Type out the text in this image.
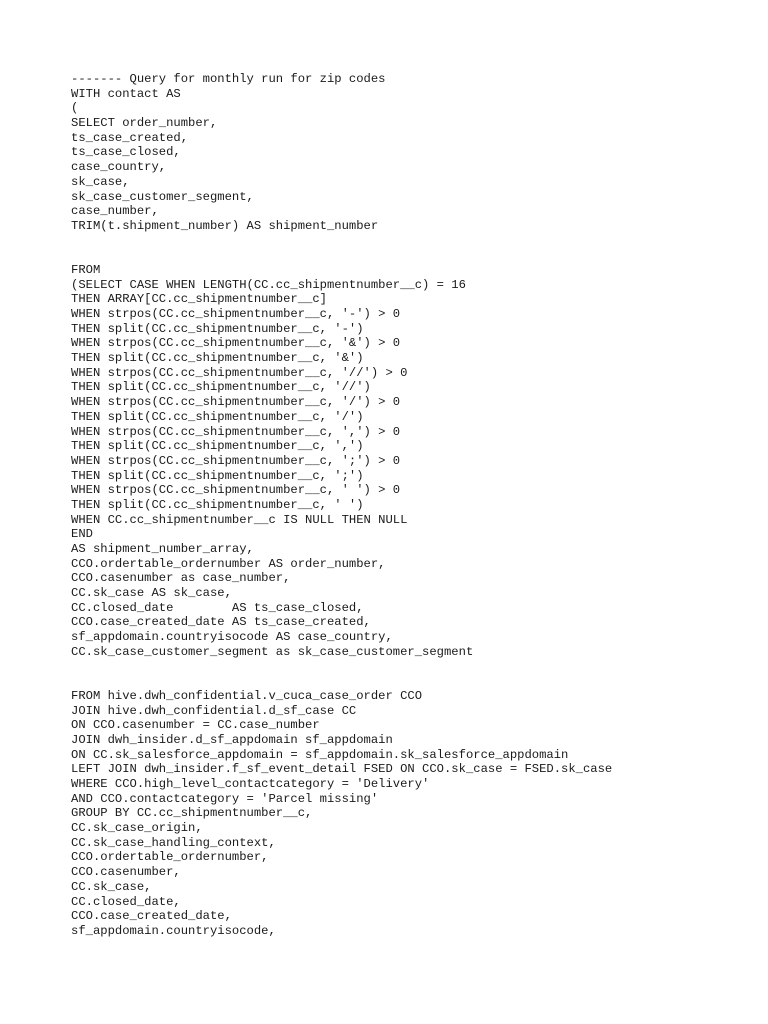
------- Query for monthly run for zip codes
WITH contact AS
(
SELECT order_number,
ts_case_created,
ts_case_closed,
case_country,
sk_case,
sk_case_customer_segment,
case_number,
TRIM(t.shipment_number) AS shipment_number
FROM
(SELECT CASE WHEN LENGTH(CC.cc_shipmentnumber__c) = 16
THEN ARRAY[CC.cc_shipmentnumber__c]
WHEN strpos(CC.cc_shipmentnumber__c, '-') > 0
THEN split(CC.cc_shipmentnumber__c, '-')
WHEN strpos(CC.cc_shipmentnumber__c, '&') > 0
THEN split(CC.cc_shipmentnumber__c, '&')
WHEN strpos(CC.cc_shipmentnumber__c, '//') > 0
THEN split(CC.cc_shipmentnumber__c, '//')
WHEN strpos(CC.cc_shipmentnumber__c, '/') > 0
THEN split(CC.cc_shipmentnumber__c, '/')
WHEN strpos(CC.cc_shipmentnumber__c, ',') > 0
THEN split(CC.cc_shipmentnumber__c, ',')
WHEN strpos(CC.cc_shipmentnumber__c, ';') > 0
THEN split(CC.cc_shipmentnumber__c, ';')
WHEN strpos(CC.cc_shipmentnumber__c, ' ') > 0
THEN split(CC.cc_shipmentnumber__c, ' ')
WHEN CC.cc_shipmentnumber__c IS NULL THEN NULL
END
AS shipment_number_array,
CCO.ordertable_ordernumber AS order_number,
CCO.casenumber as case_number,
CC.sk_case AS sk_case,
CC.closed_date        AS ts_case_closed,
CCO.case_created_date AS ts_case_created,
sf_appdomain.countryisocode AS case_country,
CC.sk_case_customer_segment as sk_case_customer_segment
FROM hive.dwh_confidential.v_cuca_case_order CCO
JOIN hive.dwh_confidential.d_sf_case CC
ON CCO.casenumber = CC.case_number
JOIN dwh_insider.d_sf_appdomain sf_appdomain
ON CC.sk_salesforce_appdomain = sf_appdomain.sk_salesforce_appdomain
LEFT JOIN dwh_insider.f_sf_event_detail FSED ON CCO.sk_case = FSED.sk_case
WHERE CCO.high_level_contactcategory = 'Delivery'
AND CCO.contactcategory = 'Parcel missing'
GROUP BY CC.cc_shipmentnumber__c,
CC.sk_case_origin,
CC.sk_case_handling_context,
CCO.ordertable_ordernumber,
CCO.casenumber,
CC.sk_case,
CC.closed_date,
CCO.case_created_date,
sf_appdomain.countryisocode,
